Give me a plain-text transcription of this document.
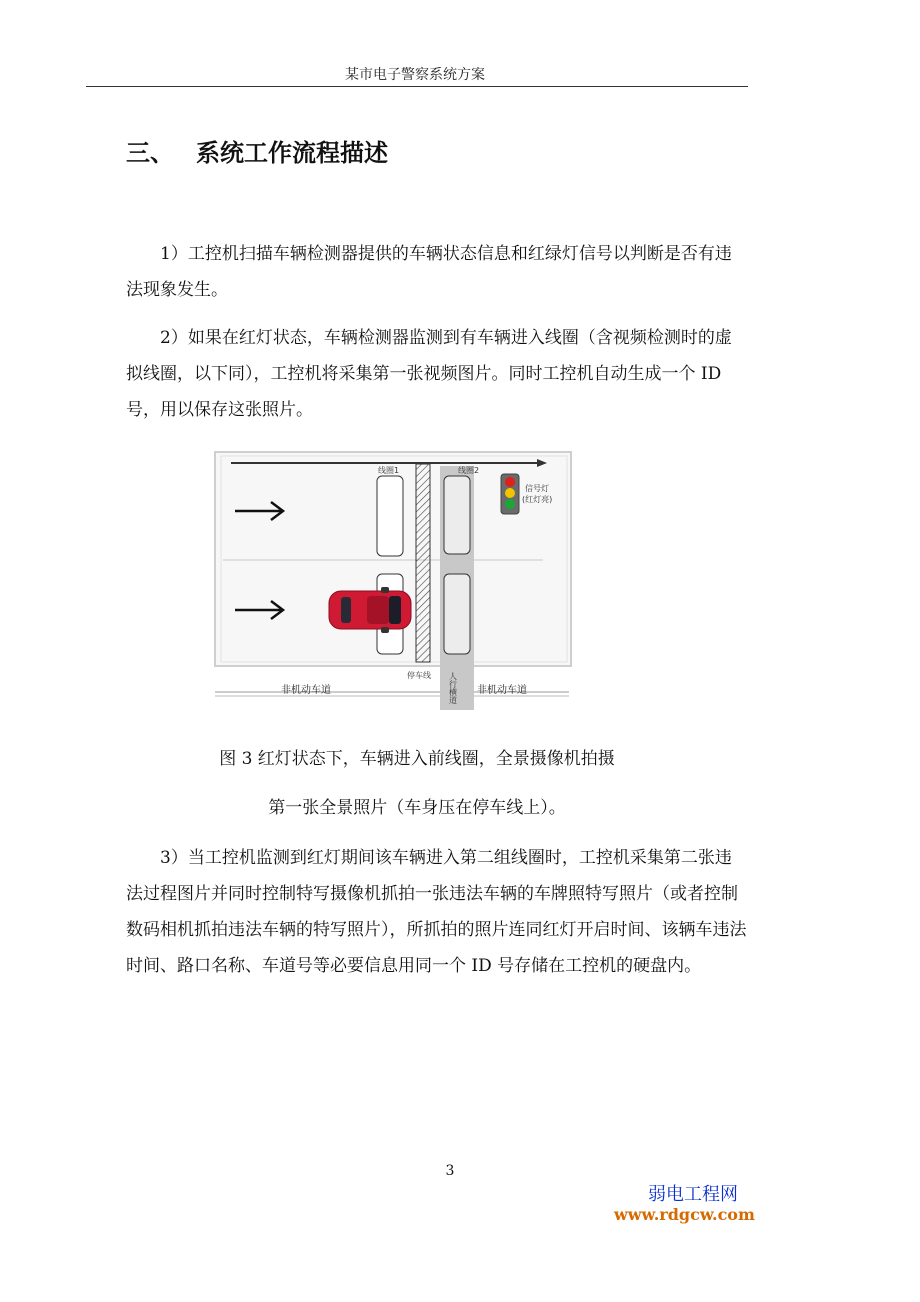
某市电子警察系统方案
三、 系统工作流程描述

1）工控机扫描车辆检测器提供的车辆状态信息和红绿灯信号以判断是否有违法现象发生。

2）如果在红灯状态，车辆检测器监测到有车辆进入线圈（含视频检测时的虚拟线圈，以下同），工控机将采集第一张视频图片。同时工控机自动生成一个 ID 号，用以保存这张照片。

线圈1	线圈2
信号灯
(红灯亮)
停车线 人行横道
非机动车道	非机动车道
图 3 红灯状态下，车辆进入前线圈，全景摄像机拍摄
第一张全景照片（车身压在停车线上）。

3）当工控机监测到红灯期间该车辆进入第二组线圈时，工控机采集第二张违法过程图片并同时控制特写摄像机抓拍一张违法车辆的车牌照特写照片（或者控制数码相机抓拍违法车辆的特写照片），所抓拍的照片连同红灯开启时间、该辆车违法时间、路口名称、车道号等必要信息用同一个 ID 号存储在工控机的硬盘内。

3
弱电工程网
www.rdgcw.com
